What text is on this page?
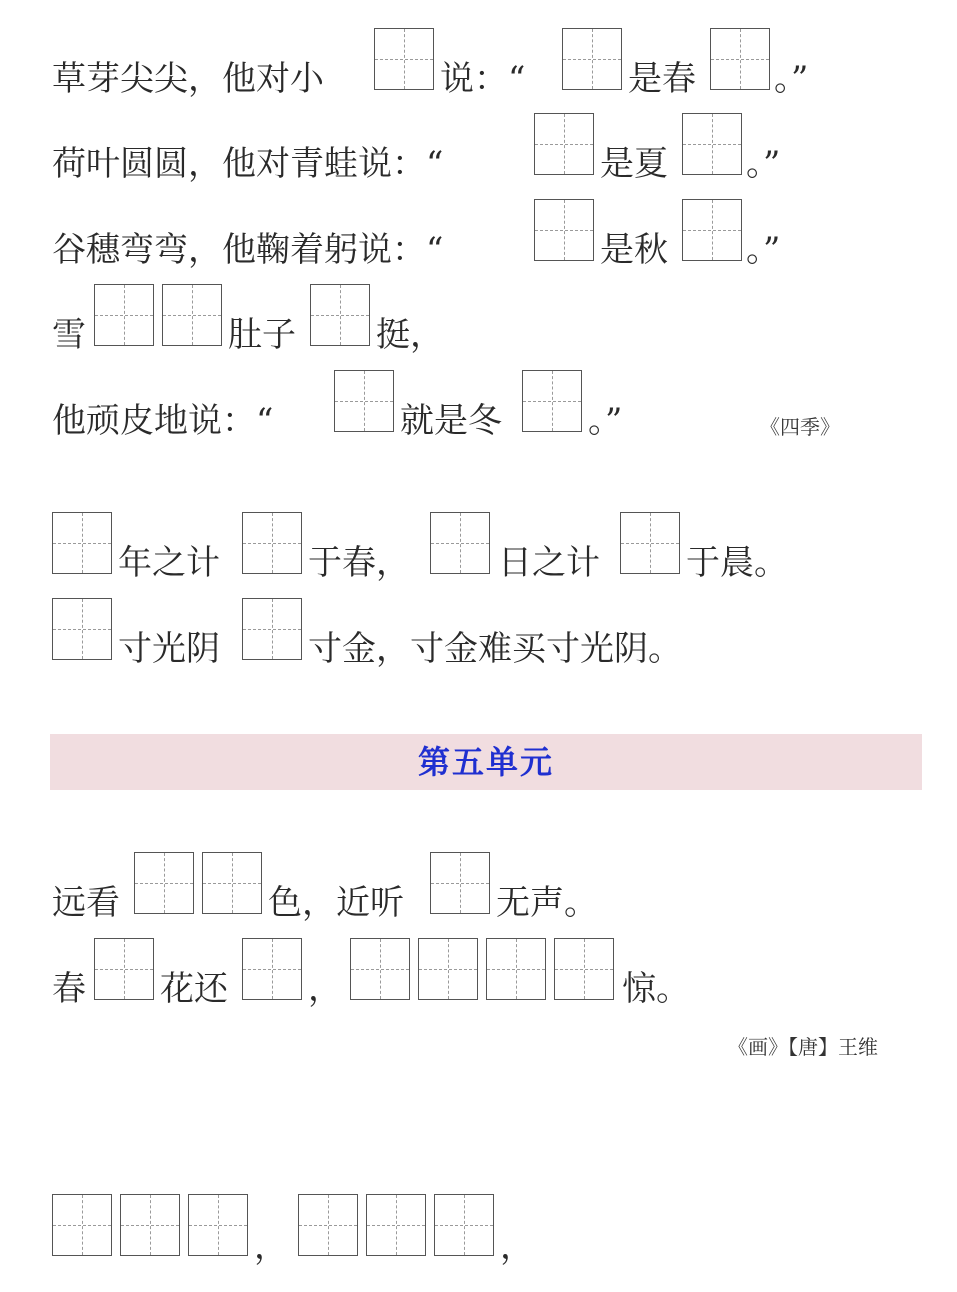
草芽尖尖，他对小	说：“	是春 。”
荷叶圆圆，他对青蛙说：“	是夏 。”
谷穗弯弯，他鞠着躬说：“	是秋 。”
雪	肚子 挺，
他顽皮地说：“	就是冬	。”	《四季》
年之计	于春，	日之计	于晨。
寸光阴	寸金，寸金难买寸光阴。
第五单元
远看	色，近听	无声。
春 花还 ，	惊。
《画》【唐】王维
，	，
